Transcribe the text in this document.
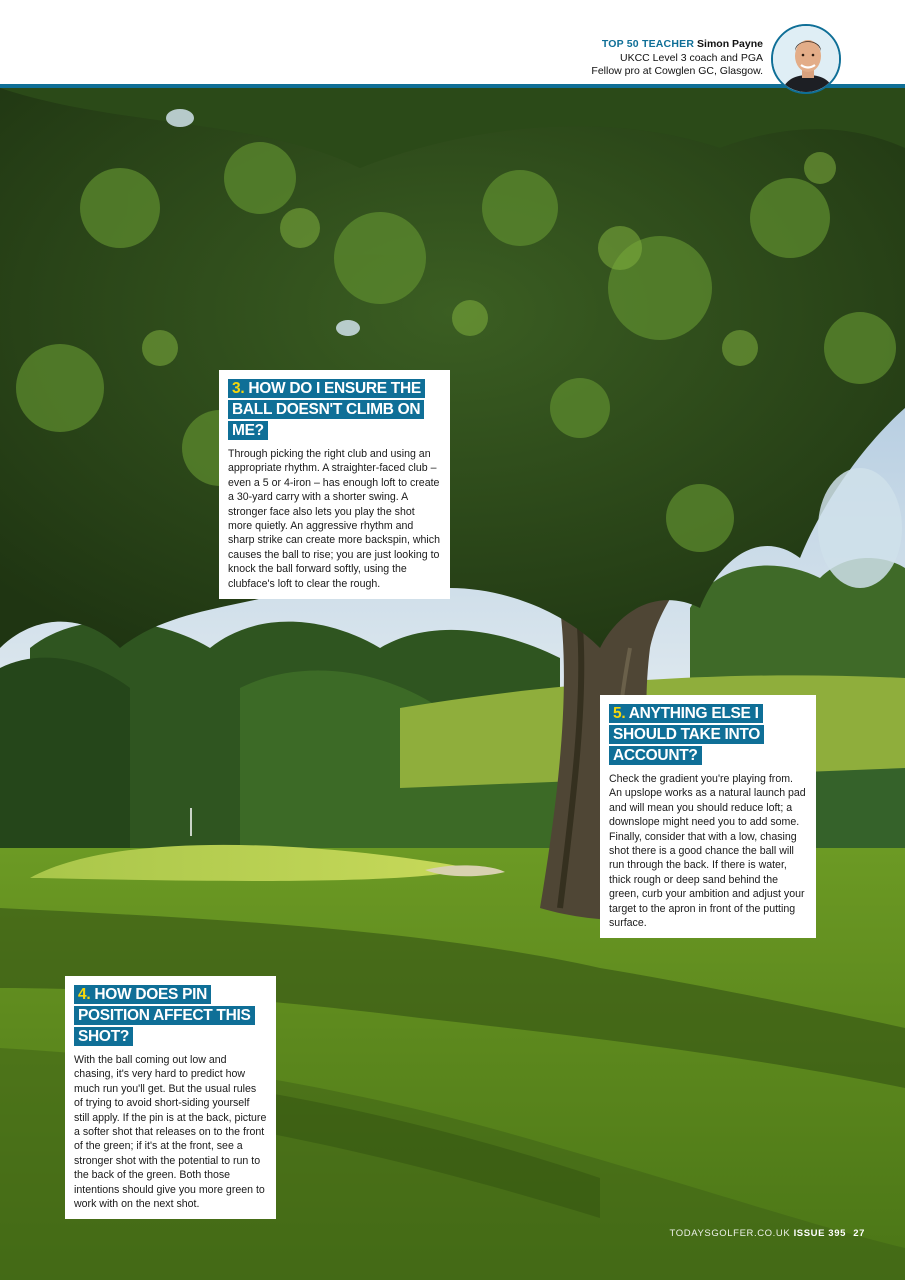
TOP 50 TEACHER Simon Payne
UKCC Level 3 coach and PGA
Fellow pro at Cowglen GC, Glasgow.
3. HOW DO I ENSURE THE BALL DOESN'T CLIMB ON ME?

Through picking the right club and using an appropriate rhythm. A straighter-faced club – even a 5 or 4-iron – has enough loft to create a 30-yard carry with a shorter swing. A stronger face also lets you play the shot more quietly. An aggressive rhythm and sharp strike can create more backspin, which causes the ball to rise; you are just looking to knock the ball forward softly, using the clubface's loft to clear the rough.

5. ANYTHING ELSE I SHOULD TAKE INTO ACCOUNT?

Check the gradient you're playing from. An upslope works as a natural launch pad and will mean you should reduce loft; a downslope might need you to add some. Finally, consider that with a low, chasing shot there is a good chance the ball will run through the back. If there is water, thick rough or deep sand behind the green, curb your ambition and adjust your target to the apron in front of the putting surface.

4. HOW DOES PIN POSITION AFFECT THIS SHOT?

With the ball coming out low and chasing, it's very hard to predict how much run you'll get. But the usual rules of trying to avoid short-siding yourself still apply. If the pin is at the back, picture a softer shot that releases on to the front of the green; if it's at the front, see a stronger shot with the potential to run to the back of the green. Both those intentions should give you more green to work with on the next shot.

TODAYSGOLFER.CO.UK ISSUE 395 27
